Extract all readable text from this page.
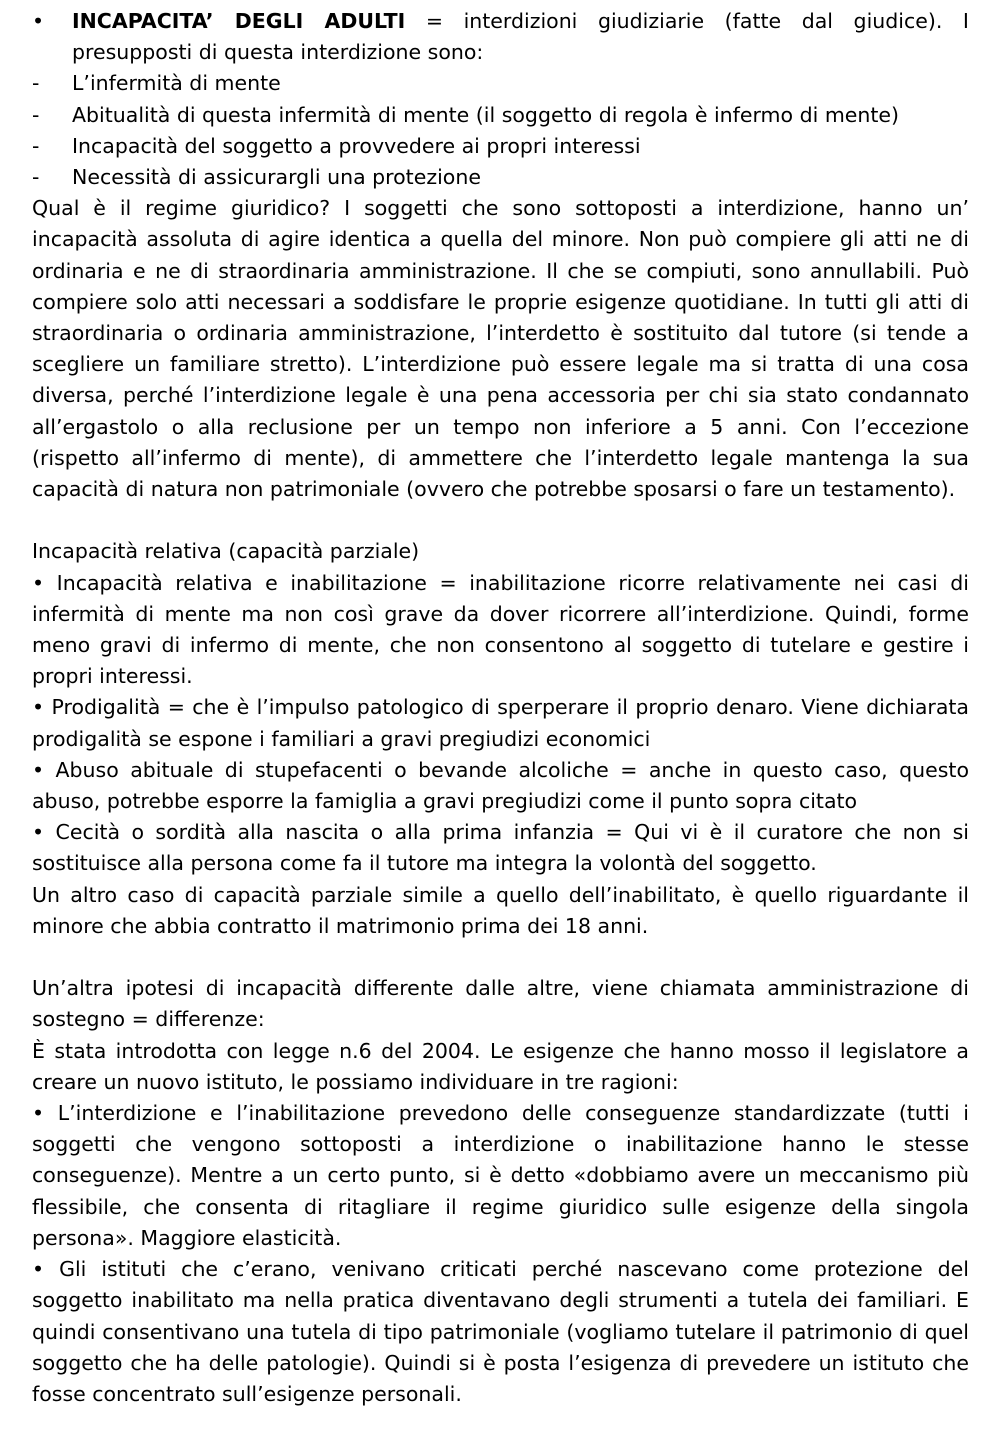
• INCAPACITA’ DEGLI ADULTI = interdizioni giudiziarie (fatte dal giudice). I presupposti di questa interdizione sono:
- L’infermità di mente
- Abitualità di questa infermità di mente (il soggetto di regola è infermo di mente)
- Incapacità del soggetto a provvedere ai propri interessi
- Necessità di assicurargli una protezione

Qual è il regime giuridico? I soggetti che sono sottoposti a interdizione, hanno un’ incapacità assoluta di agire identica a quella del minore. Non può compiere gli atti ne di ordinaria e ne di straordinaria amministrazione. Il che se compiuti, sono annullabili. Può compiere solo atti necessari a soddisfare le proprie esigenze quotidiane. In tutti gli atti di straordinaria o ordinaria amministrazione, l’interdetto è sostituito dal tutore (si tende a scegliere un familiare stretto). L’interdizione può essere legale ma si tratta di una cosa diversa, perché l’interdizione legale è una pena accessoria per chi sia stato condannato all’ergastolo o alla reclusione per un tempo non inferiore a 5 anni. Con l’eccezione (rispetto all’infermo di mente), di ammettere che l’interdetto legale mantenga la sua capacità di natura non patrimoniale (ovvero che potrebbe sposarsi o fare un testamento).

Incapacità relativa (capacità parziale)

• Incapacità relativa e inabilitazione = inabilitazione ricorre relativamente nei casi di infermità di mente ma non così grave da dover ricorrere all’interdizione. Quindi, forme meno gravi di infermo di mente, che non consentono al soggetto di tutelare e gestire i propri interessi.

• Prodigalità = che è l’impulso patologico di sperperare il proprio denaro. Viene dichiarata prodigalità se espone i familiari a gravi pregiudizi economici

• Abuso abituale di stupefacenti o bevande alcoliche = anche in questo caso, questo abuso, potrebbe esporre la famiglia a gravi pregiudizi come il punto sopra citato

• Cecità o sordità alla nascita o alla prima infanzia = Qui vi è il curatore che non si sostituisce alla persona come fa il tutore ma integra la volontà del soggetto.

Un altro caso di capacità parziale simile a quello dell’inabilitato, è quello riguardante il minore che abbia contratto il matrimonio prima dei 18 anni.

Un’altra ipotesi di incapacità differente dalle altre, viene chiamata amministrazione di sostegno = differenze:

È stata introdotta con legge n.6 del 2004. Le esigenze che hanno mosso il legislatore a creare un nuovo istituto, le possiamo individuare in tre ragioni:

• L’interdizione e l’inabilitazione prevedono delle conseguenze standardizzate (tutti i soggetti che vengono sottoposti a interdizione o inabilitazione hanno le stesse conseguenze). Mentre a un certo punto, si è detto «dobbiamo avere un meccanismo più flessibile, che consenta di ritagliare il regime giuridico sulle esigenze della singola persona». Maggiore elasticità.

• Gli istituti che c’erano, venivano criticati perché nascevano come protezione del soggetto inabilitato ma nella pratica diventavano degli strumenti a tutela dei familiari. E quindi consentivano una tutela di tipo patrimoniale (vogliamo tutelare il patrimonio di quel soggetto che ha delle patologie). Quindi si è posta l’esigenza di prevedere un istituto che fosse concentrato sull’esigenze personali.
